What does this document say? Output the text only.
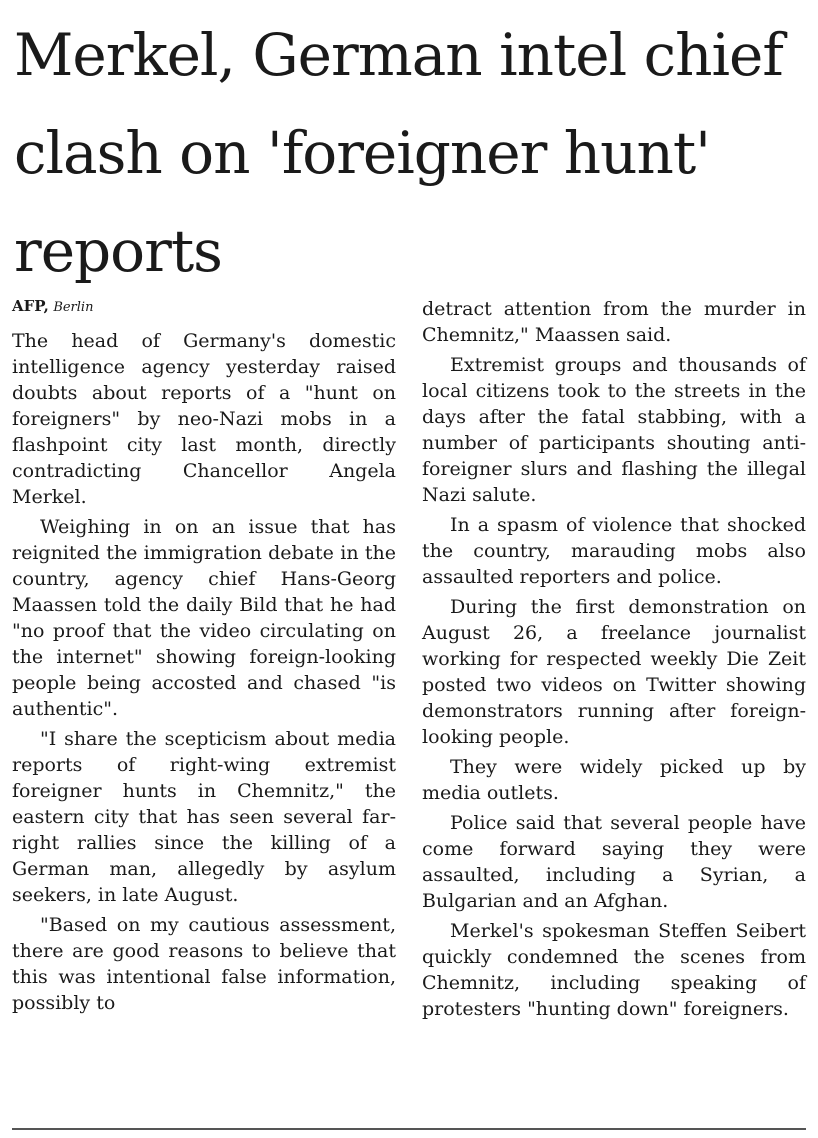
Merkel, German intel chief clash on 'foreigner hunt' reports
AFP, Berlin

The head of Germany's domestic intelligence agency yesterday raised doubts about reports of a "hunt on foreigners" by neo-Nazi mobs in a flashpoint city last month, directly contradicting Chancellor Angela Merkel.

Weighing in on an issue that has reignited the immigration debate in the country, agency chief Hans-Georg Maassen told the daily Bild that he had "no proof that the video circulating on the internet" showing foreign-looking people being accosted and chased "is authentic".

"I share the scepticism about media reports of right-wing extremist foreigner hunts in Chemnitz," the eastern city that has seen several farright rallies since the killing of a German man, allegedly by asylum seekers, in late August.

"Based on my cautious assessment, there are good reasons to believe that this was intentional false information, possibly to

detract attention from the murder in Chemnitz," Maassen said.

Extremist groups and thousands of local citizens took to the streets in the days after the fatal stabbing, with a number of participants shouting anti-foreigner slurs and flashing the illegal Nazi salute.

In a spasm of violence that shocked the country, marauding mobs also assaulted reporters and police.

During the first demonstration on August 26, a freelance journalist working for respected weekly Die Zeit posted two videos on Twitter showing demonstrators running after foreign-looking people.

They were widely picked up by media outlets.

Police said that several people have come forward saying they were assaulted, including a Syrian, a Bulgarian and an Afghan.

Merkel's spokesman Steffen Seibert quickly condemned the scenes from Chemnitz, including speaking of protesters "hunting down" foreigners.
